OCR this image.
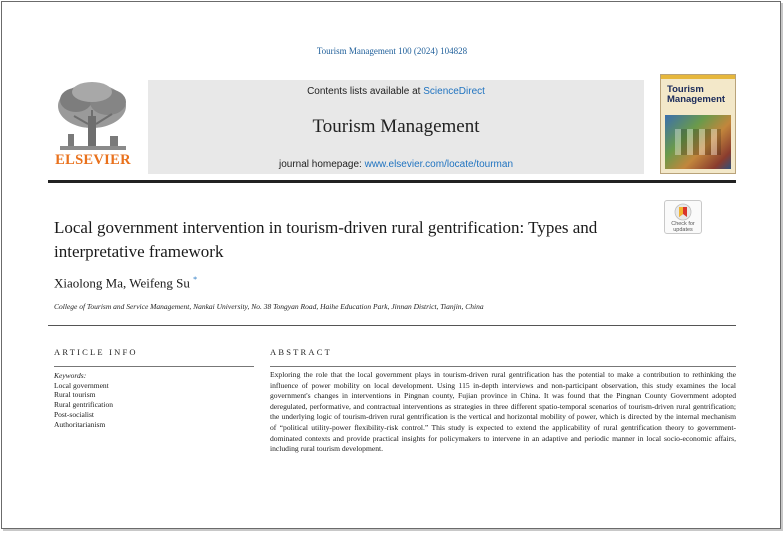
Tourism Management 100 (2024) 104828
ELSEVIER
Contents lists available at ScienceDirect
Tourism Management
journal homepage: www.elsevier.com/locate/tourman
Tourism
Management
Check for
updates
Local government intervention in tourism-driven rural gentrification: Types and interpretative framework
Xiaolong Ma, Weifeng Su *
College of Tourism and Service Management, Nankai University, No. 38 Tongyan Road, Haihe Education Park, Jinnan District, Tianjin, China
ARTICLE INFO	ABSTRACT
Keywords:
Local government
Rural tourism
Rural gentrification
Post-socialist
Authoritarianism
Exploring the role that the local government plays in tourism-driven rural gentrification has the potential to make a contribution to rethinking the influence of power mobility on local development. Using 115 in-depth interviews and non-participant observation, this study examines the local government's changes in interventions in Pingnan county, Fujian province in China. It was found that the Pingnan County Government adopted deregulated, performative, and contractual interventions as strategies in three different spatio-temporal scenarios of tourism-driven rural gentrification; the underlying logic of tourism-driven rural gentrification is the vertical and horizontal mobility of power, which is directed by the internal mechanism of “political utility-power flexibility-risk control.” This study is expected to extend the applicability of rural gentrification theory to government-dominated contexts and provide practical insights for policymakers to intervene in an adaptive and periodic manner in local socio-economic affairs, including rural tourism development.
